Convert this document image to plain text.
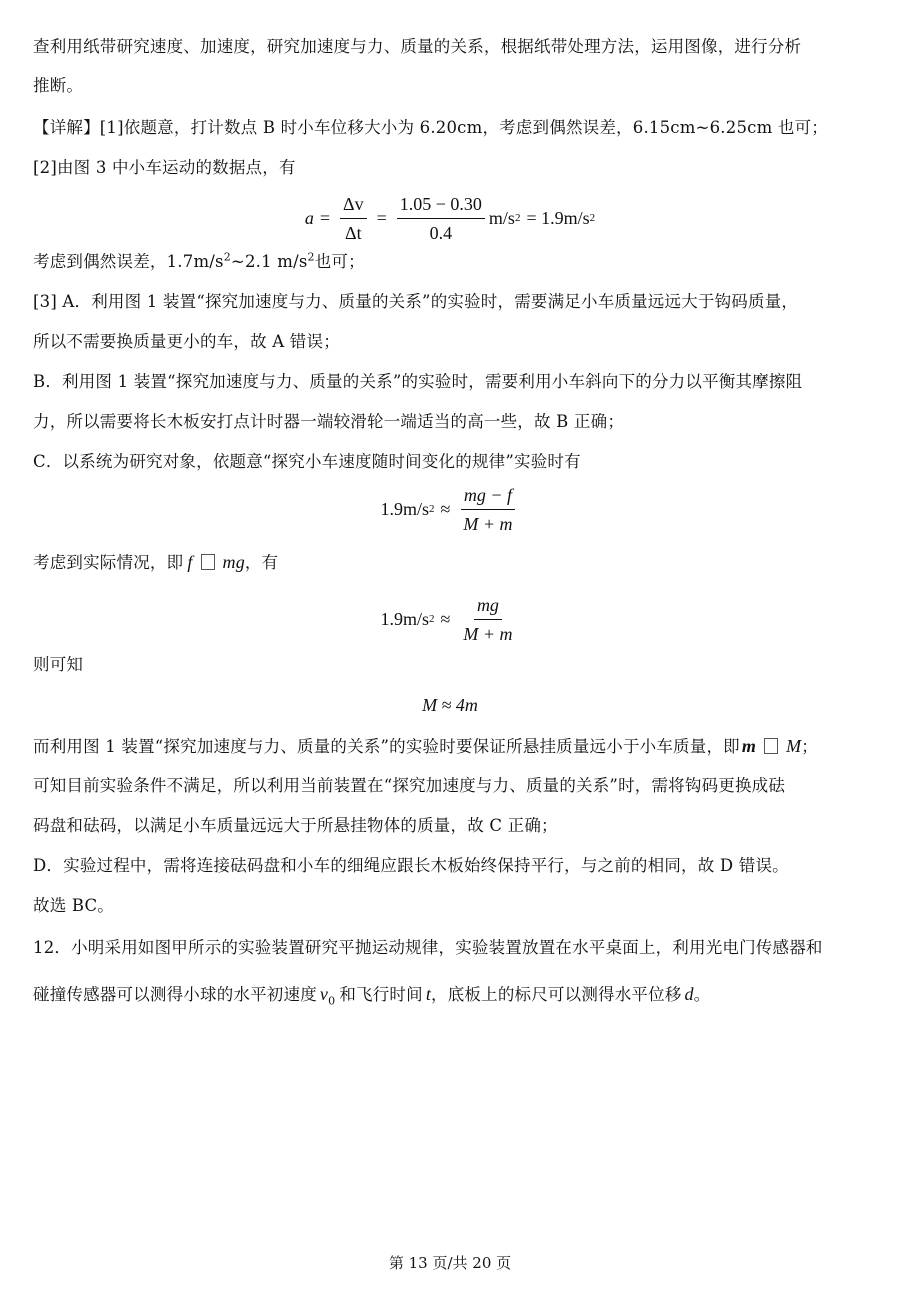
查利用纸带研究速度、加速度，研究加速度与力、质量的关系，根据纸带处理方法，运用图像，进行分析
推断。
【详解】[1]依题意，打计数点 B 时小车位移大小为 6.20cm，考虑到偶然误差，6.15cm~6.25cm 也可；
[2]由图 3 中小车运动的数据点，有
$a = \frac{\Delta v}{\Delta t} = \frac{1.05 - 0.30}{0.4} m/s$ 2 = 1.9m/s 2
考虑到偶然误差，$1.7m/s^2\sim 2.1$ $m/s^2$也可；
[3] A．利用图 1 装置“探究加速度与力、质量的关系”的实验时，需要满足小车质量远远大于钩码质量，
所以不需要换质量更小的车，故 A 错误；
B．利用图 1 装置“探究加速度与力、质量的关系”的实验时，需要利用小车斜向下的分力以平衡其摩擦阻
力，所以需要将长木板安打点计时器一端较滑轮一端适当的高一些，故 B 正确；
C．以系统为研究对象，依题意“探究小车速度随时间变化的规律”实验时有
1.9m/s $2 \approx \frac{mg - f}{M + m}$
考虑到实际情况，即 f mg，有
1.9m/s $2 \approx \frac{mg}{M + m}$
则可知
M ≈ 4m
而利用图 1 装置“探究加速度与力、质量的关系”的实验时要保证所悬挂质量远小于小车质量，即 m M；
可知目前实验条件不满足，所以利用当前装置在“探究加速度与力、质量的关系”时，需将钩码更换成砝
码盘和砝码，以满足小车质量远远大于所悬挂物体的质量，故 C 正确；
D．实验过程中，需将连接砝码盘和小车的细绳应跟长木板始终保持平行，与之前的相同，故 D 错误。
故选 BC。
12．小明采用如图甲所示的实验装置研究平抛运动规律，实验装置放置在水平桌面上，利用光电门传感器和
碰撞传感器可以测得小球的水平初速度 $v_0$ 和飞行时间 t，底板上的标尺可以测得水平位移 d。
第 13 页/共 20 页
